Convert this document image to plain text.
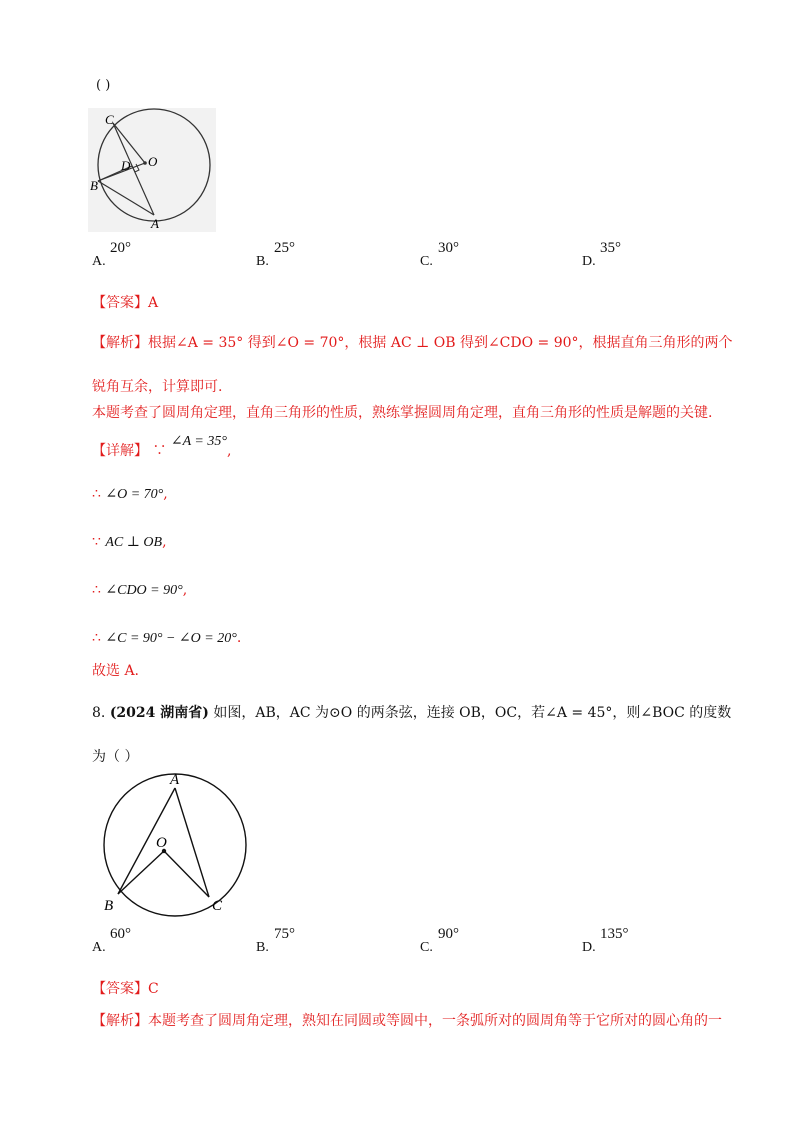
( )
C
D O
B
A
A.
20°
B.
25°
C.
30°
D.
35°
【答案】A
【解析】根据∠A = 35° 得到∠O = 70°，根据 AC ⊥ OB 得到∠CDO = 90°，根据直角三角形的两个
锐角互余，计算即可.
本题考查了圆周角定理，直角三角形的性质，熟练掌握圆周角定理，直角三角形的性质是解题的关键.
【详解】 ∵ ∠A = 35°,
∴ ∠O = 70°,
∵ AC ⊥ OB,
∴ ∠CDO = 90°,
∴ ∠C = 90° − ∠O = 20°.
故选 A.
8. (2024 湖南省) 如图，AB，AC 为⊙O 的两条弦，连接 OB，OC，若∠A = 45°，则∠BOC 的度数
为（ ）
A
O
B	C
A.
60°
B.
75°
C.
90°
D.
135°
【答案】C
【解析】本题考查了圆周角定理，熟知在同圆或等圆中，一条弧所对的圆周角等于它所对的圆心角的一
